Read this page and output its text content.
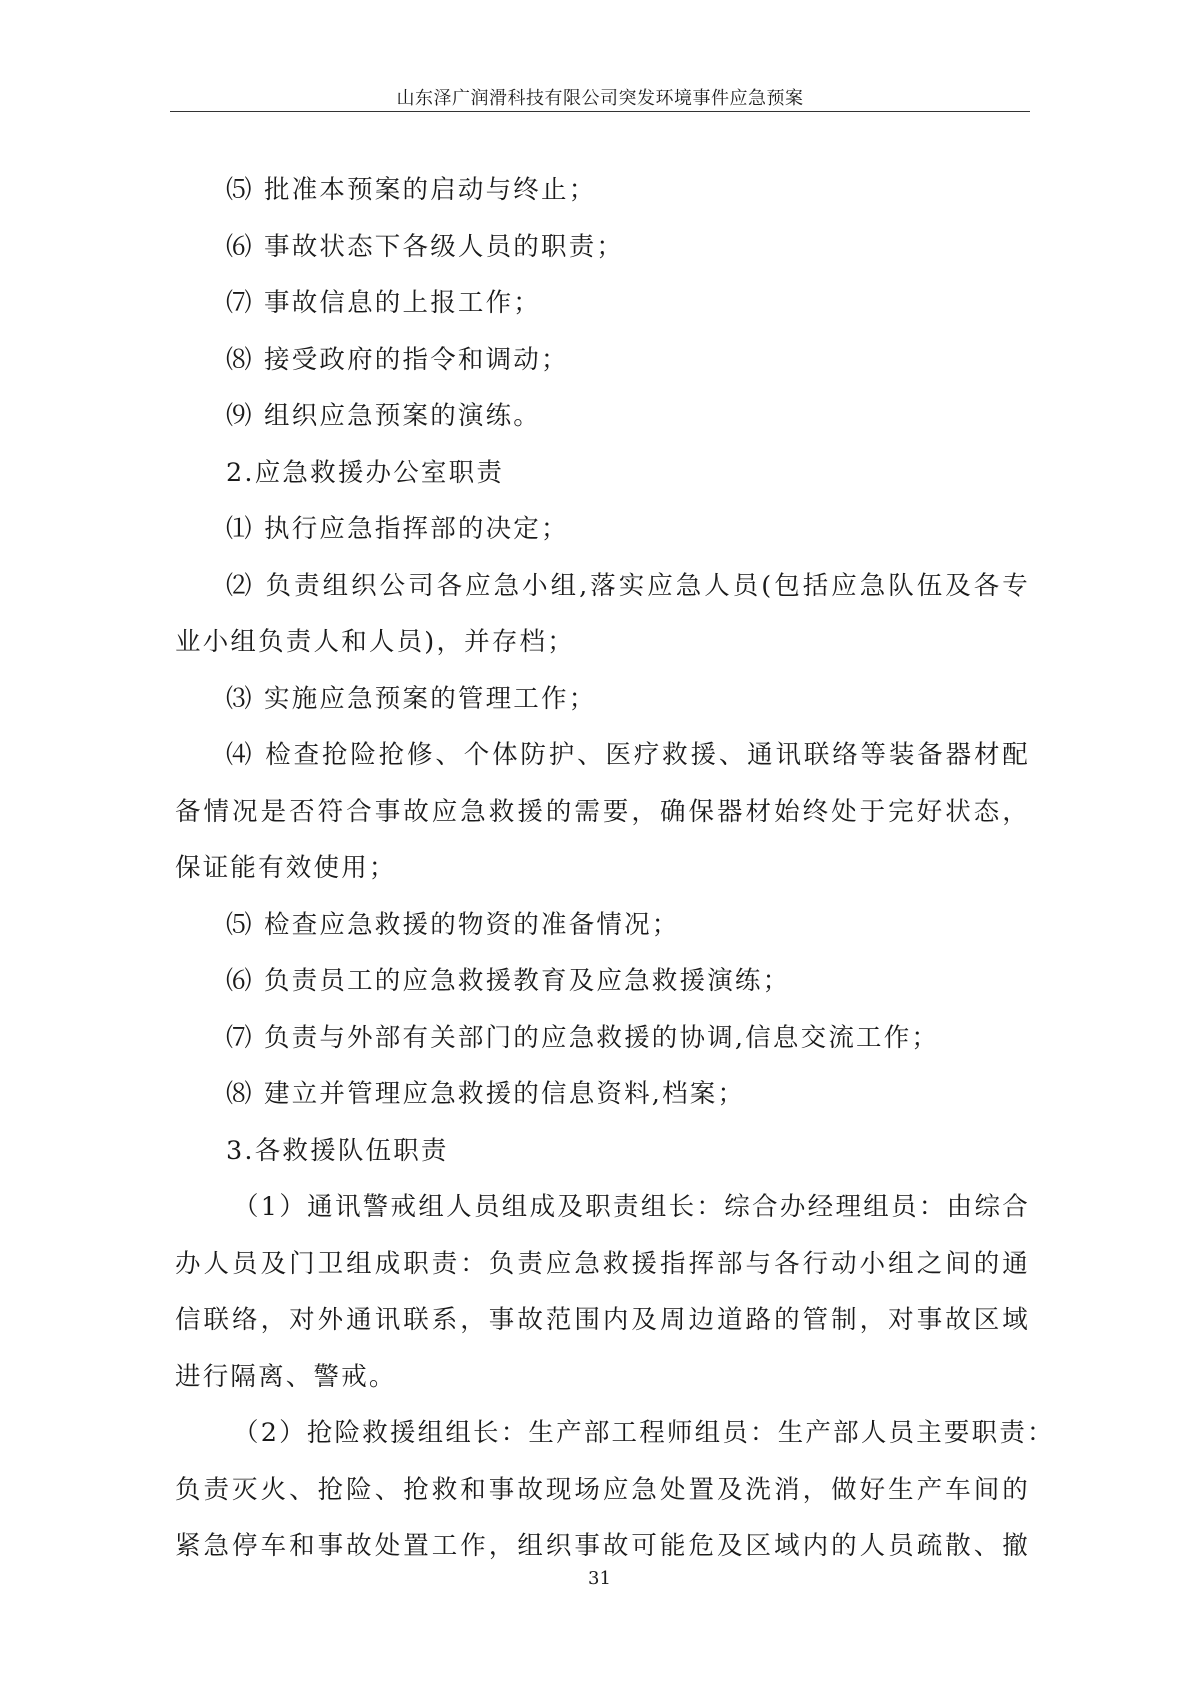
山东泽广润滑科技有限公司突发环境事件应急预案
⑸ 批准本预案的启动与终止；
⑹ 事故状态下各级人员的职责；
⑺ 事故信息的上报工作；
⑻ 接受政府的指令和调动；
⑼ 组织应急预案的演练。
2.应急救援办公室职责
⑴ 执行应急指挥部的决定；
⑵ 负责组织公司各应急小组,落实应急人员(包括应急队伍及各专
业小组负责人和人员)，并存档；
⑶ 实施应急预案的管理工作；
⑷ 检查抢险抢修、个体防护、医疗救援、通讯联络等装备器材配
备情况是否符合事故应急救援的需要，确保器材始终处于完好状态，
保证能有效使用；
⑸ 检查应急救援的物资的准备情况；
⑹ 负责员工的应急救援教育及应急救援演练；
⑺ 负责与外部有关部门的应急救援的协调,信息交流工作；
⑻ 建立并管理应急救援的信息资料,档案；
3.各救援队伍职责
（1）通讯警戒组人员组成及职责组长：综合办经理组员：由综合
办人员及门卫组成职责：负责应急救援指挥部与各行动小组之间的通
信联络，对外通讯联系，事故范围内及周边道路的管制，对事故区域
进行隔离、警戒。
（2）抢险救援组组长：生产部工程师组员：生产部人员主要职责：
负责灭火、抢险、抢救和事故现场应急处置及洗消，做好生产车间的
紧急停车和事故处置工作，组织事故可能危及区域内的人员疏散、撤
31
